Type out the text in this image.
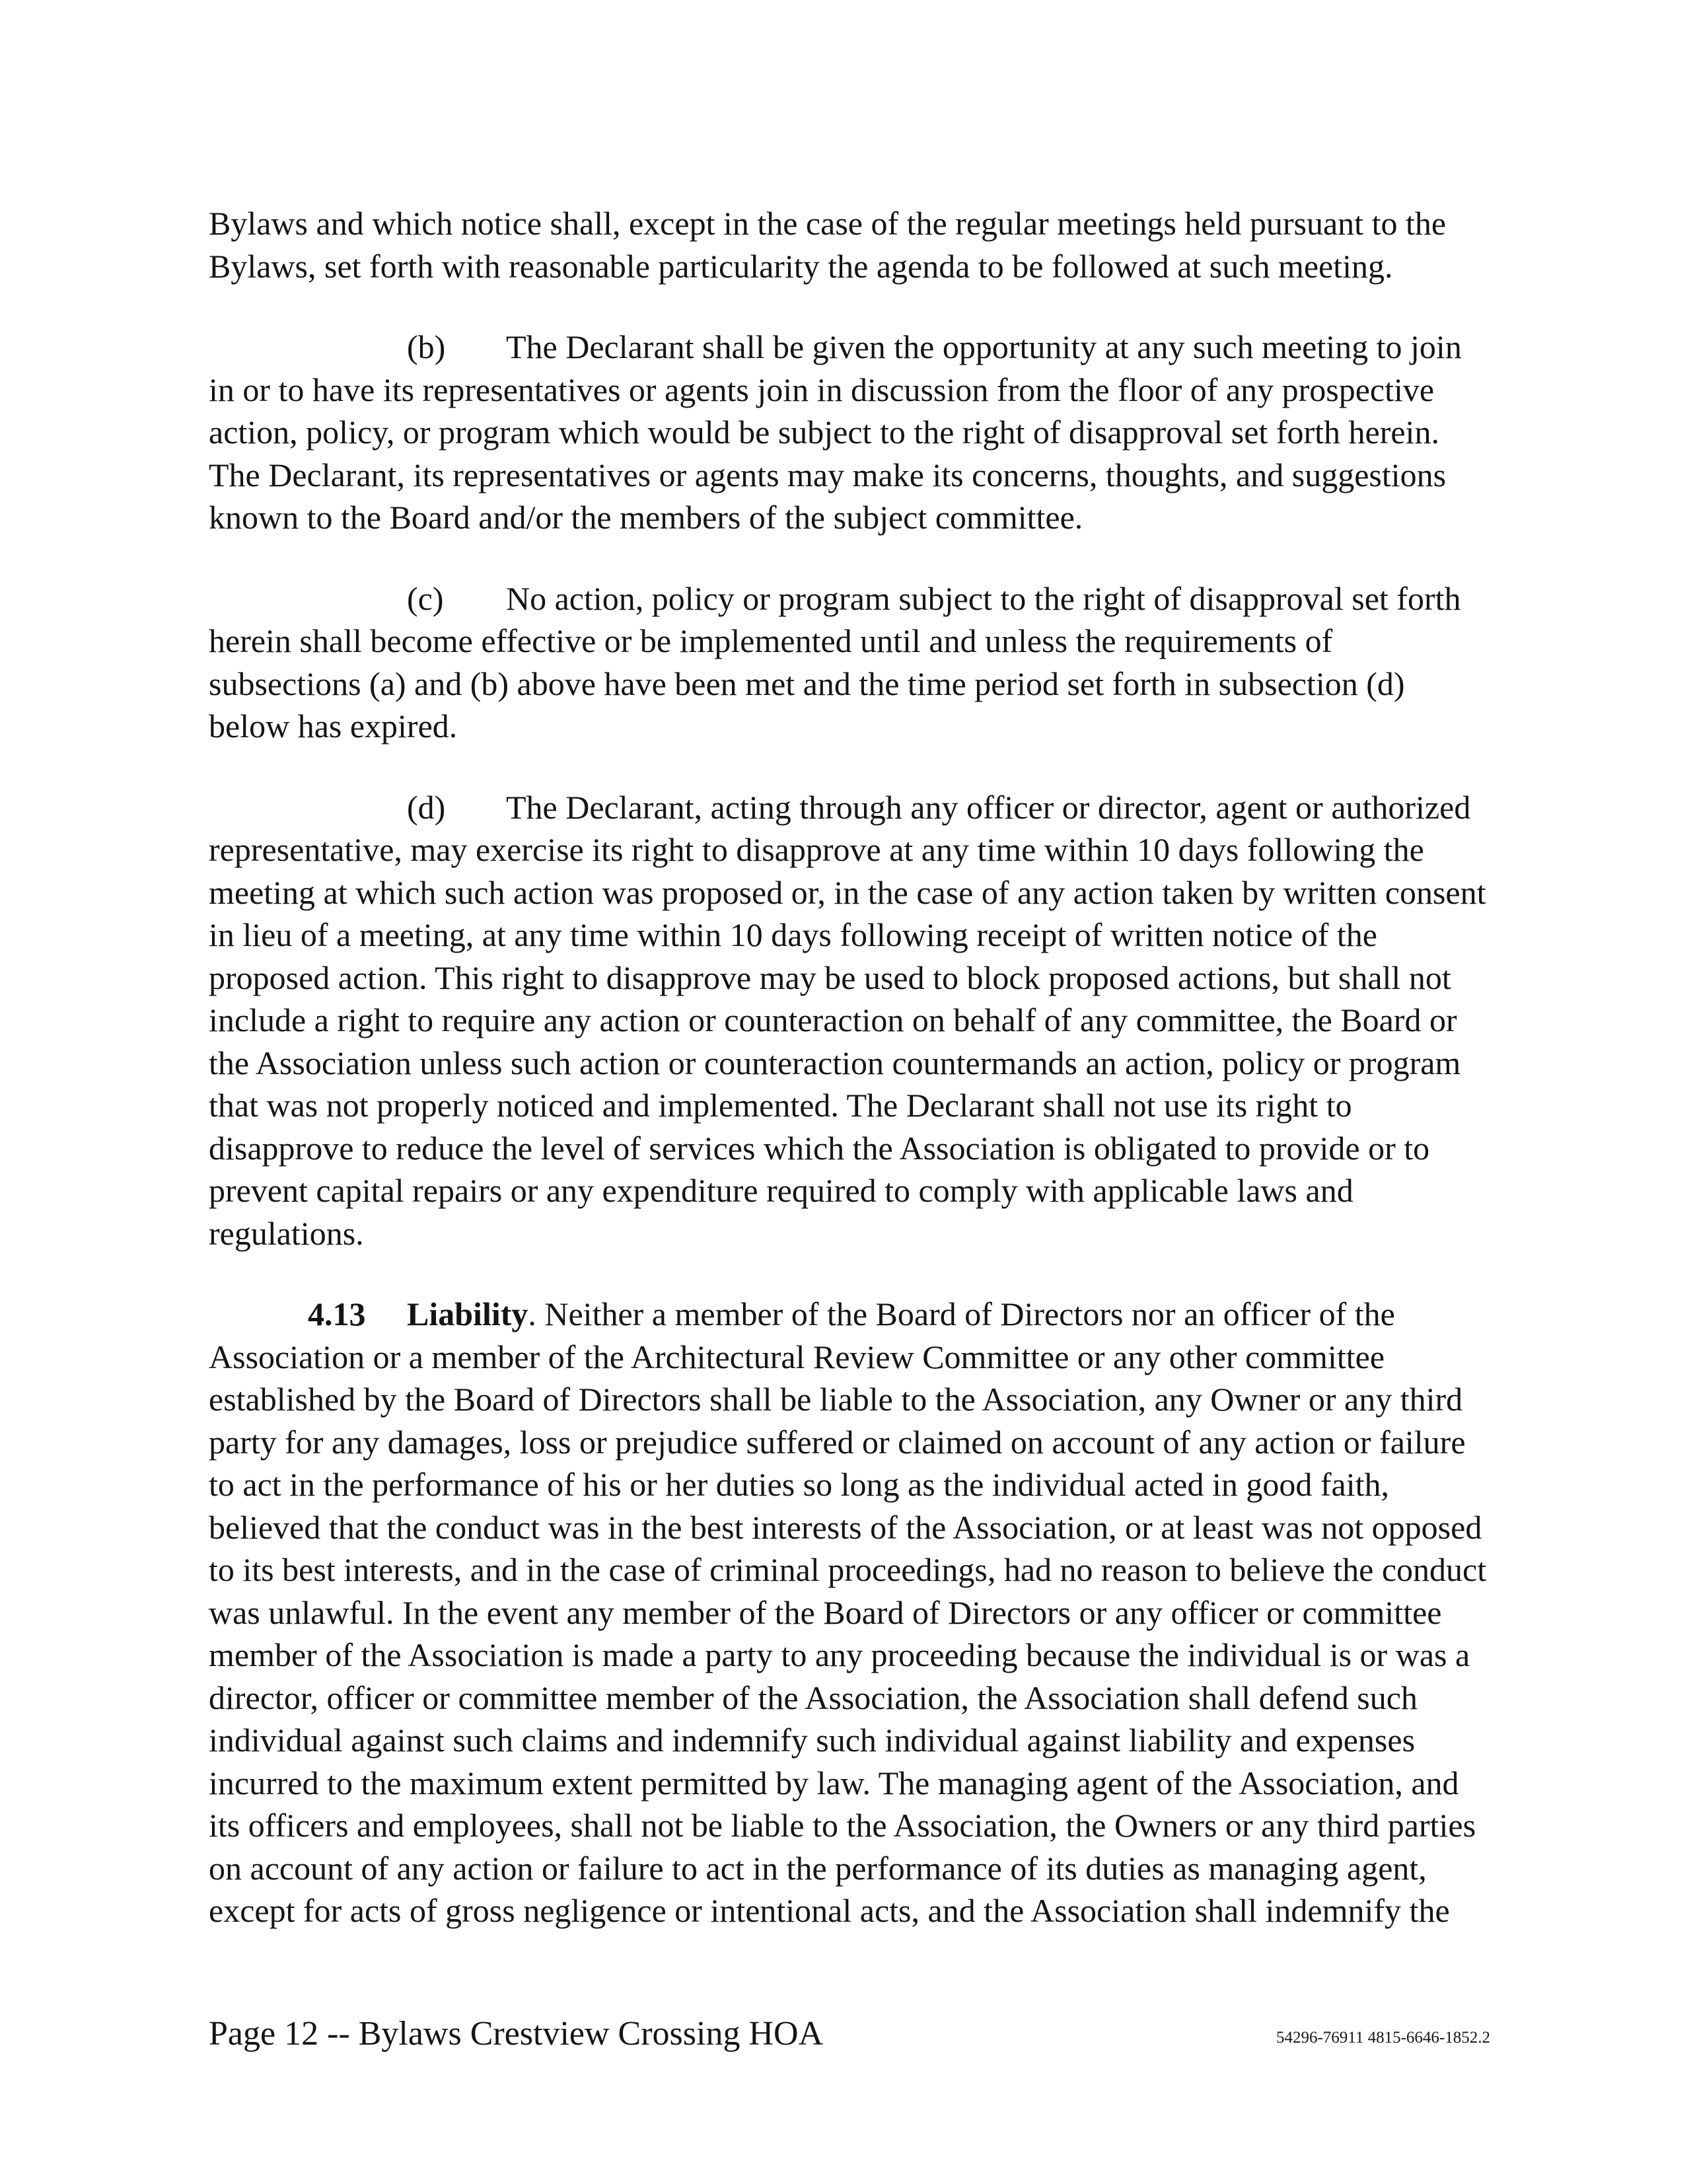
Bylaws and which notice shall, except in the case of the regular meetings held pursuant to the Bylaws, set forth with reasonable particularity the agenda to be followed at such meeting.

(b) The Declarant shall be given the opportunity at any such meeting to join in or to have its representatives or agents join in discussion from the floor of any prospective action, policy, or program which would be subject to the right of disapproval set forth herein. The Declarant, its representatives or agents may make its concerns, thoughts, and suggestions known to the Board and/or the members of the subject committee.

(c) No action, policy or program subject to the right of disapproval set forth herein shall become effective or be implemented until and unless the requirements of subsections (a) and (b) above have been met and the time period set forth in subsection (d) below has expired.

(d) The Declarant, acting through any officer or director, agent or authorized representative, may exercise its right to disapprove at any time within 10 days following the meeting at which such action was proposed or, in the case of any action taken by written consent in lieu of a meeting, at any time within 10 days following receipt of written notice of the proposed action. This right to disapprove may be used to block proposed actions, but shall not include a right to require any action or counteraction on behalf of any committee, the Board or the Association unless such action or counteraction countermands an action, policy or program that was not properly noticed and implemented. The Declarant shall not use its right to disapprove to reduce the level of services which the Association is obligated to provide or to prevent capital repairs or any expenditure required to comply with applicable laws and regulations.

4.13 Liability. Neither a member of the Board of Directors nor an officer of the Association or a member of the Architectural Review Committee or any other committee established by the Board of Directors shall be liable to the Association, any Owner or any third party for any damages, loss or prejudice suffered or claimed on account of any action or failure to act in the performance of his or her duties so long as the individual acted in good faith, believed that the conduct was in the best interests of the Association, or at least was not opposed to its best interests, and in the case of criminal proceedings, had no reason to believe the conduct was unlawful. In the event any member of the Board of Directors or any officer or committee member of the Association is made a party to any proceeding because the individual is or was a director, officer or committee member of the Association, the Association shall defend such individual against such claims and indemnify such individual against liability and expenses incurred to the maximum extent permitted by law. The managing agent of the Association, and its officers and employees, shall not be liable to the Association, the Owners or any third parties on account of any action or failure to act in the performance of its duties as managing agent, except for acts of gross negligence or intentional acts, and the Association shall indemnify the

Page 12 -- Bylaws Crestview Crossing HOA	54296-76911 4815-6646-1852.2
